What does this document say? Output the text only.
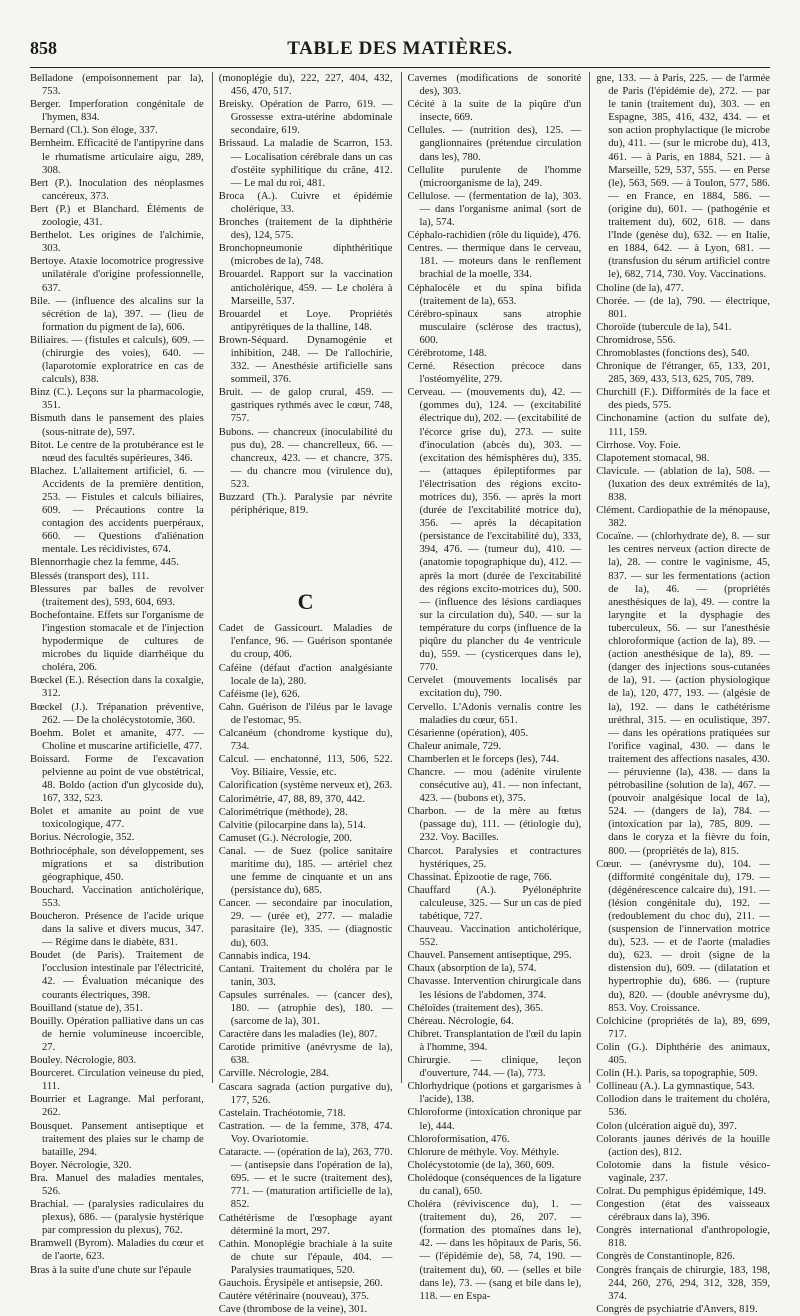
858	TABLE DES MATIÈRES.

Belladone (empoisonnement par la), 753.

Berger. Imperforation congénitale de l'hymen, 834.

Bernard (Cl.). Son éloge, 337.

Bernheim. Efficacité de l'antipyrine dans le rhumatisme articulaire aigu, 289, 308.

Bert (P.). Inoculation des néoplasmes cancéreux, 373.

Bert (P.) et Blanchard. Éléments de zoologie, 431.

Berthelot. Les origines de l'alchimie, 303.

Bertoye. Ataxie locomotrice progressive unilatérale d'origine professionnelle, 637.

Bile. — (influence des alcalins sur la sécrétion de la), 397. — (lieu de formation du pigment de la), 606.

Biliaires. — (fistules et calculs), 609. — (chirurgie des voies), 640. — (laparotomie exploratrice en cas de calculs), 838.

Binz (C.). Leçons sur la pharmacologie, 351.

Bismuth dans le pansement des plaies (sous-nitrate de), 597.

Bitot. Le centre de la protubérance est le nœud des facultés supérieures, 346.

Blachez. L'allaitement artificiel, 6. — Accidents de la première dentition, 253. — Fistules et calculs biliaires, 609. — Précautions contre la contagion des accidents puerpéraux, 660. — Questions d'aliénation mentale. Les récidivistes, 674.

Blennorrhagie chez la femme, 445.

Blessés (transport des), 111.

Blessures par balles de revolver (traitement des), 593, 604, 693.

Bochefontaine. Effets sur l'organisme de l'ingestion stomacale et de l'injection hypodermique de cultures de microbes du liquide diarrhéique du choléra, 206.

Bœckel (E.). Résection dans la coxalgie, 312.

Bœckel (J.). Trépanation préventive, 262. — De la cholécystotomie, 360.

Boehm. Bolet et amanite, 477. — Choline et muscarine artificielle, 477.

Boissard. Forme de l'excavation pelvienne au point de vue obstétrical, 48. Boldo (action d'un glycoside du), 167, 332, 523.

Bolet et amanite au point de vue toxicologique, 477.

Borius. Nécrologie, 352.

Bothriocéphale, son développement, ses migrations et sa distribution géographique, 450.

Bouchard. Vaccination anticholérique, 553.

Boucheron. Présence de l'acide urique dans la salive et divers mucus, 347. — Régime dans le diabète, 831.

Boudet (de Paris). Traitement de l'occlusion intestinale par l'électricité, 42. — Évaluation mécanique des courants électriques, 398.

Bouilland (statue de), 351.

Bouilly. Opération palliative dans un cas de hernie volumineuse incoercible, 27.

Bouley. Nécrologie, 803.

Bourceret. Circulation veineuse du pied, 111.

Bourrier et Lagrange. Mal perforant, 262.

Bousquet. Pansement antiseptique et traitement des plaies sur le champ de bataille, 294.

Boyer. Nécrologie, 320.

Bra. Manuel des maladies mentales, 526.

Brachial. — (paralysies radiculaires du plexus), 686. — (paralysie hystérique par compression du plexus), 762.

Bramwell (Byrom). Maladies du cœur et de l'aorte, 623.

Bras à la suite d'une chute sur l'épaule

(monoplégie du), 222, 227, 404, 432, 456, 470, 517.

Breisky. Opération de Parro, 619. — Grossesse extra-utérine abdominale secondaire, 619.

Brissaud. La maladie de Scarron, 153. — Localisation cérébrale dans un cas d'ostéite syphilitique du crâne, 412. — Le mal du roi, 481.

Broca (A.). Cuivre et épidémie cholérique, 33.

Bronches (traitement de la diphthérie des), 124, 575.

Bronchopneumonie diphthéritique (microbes de la), 748.

Brouardel. Rapport sur la vaccination anticholérique, 459. — Le choléra à Marseille, 537.

Brouardel et Loye. Propriétés antipyrétiques de la thalline, 148.

Brown-Séquard. Dynamogénie et inhibition, 248. — De l'allochirie, 332. — Anesthésie artificielle sans sommeil, 376.

Bruit. — de galop crural, 459. — gastriques rythmés avec le cœur, 748, 757.

Bubons. — chancreux (inoculabilité du pus du), 28. — chancrelleux, 66. — chancreux, 423. — et chancre, 375. — du chancre mou (virulence du), 523.

Buzzard (Th.). Paralysie par névrite périphérique, 819.

C

Cadet de Gassicourt. Maladies de l'enfance, 96. — Guérison spontanée du croup, 406.

Caféine (défaut d'action analgésiante locale de la), 280.

Caféisme (le), 626.

Cahn. Guérison de l'iléus par le lavage de l'estomac, 95.

Calcanéum (chondrome kystique du), 734.

Calcul. — enchatonné, 113, 506, 522. Voy. Biliaire, Vessie, etc.

Calorification (système nerveux et), 263.

Calorimétrie, 47, 88, 89, 370, 442.

Calorimétrique (méthode), 28.

Calvitie (pilocarpine dans la), 514.

Camuset (G.). Nécrologie, 200.

Canal. — de Suez (police sanitaire maritime du), 185. — artériel chez une femme de cinquante et un ans (persistance du), 685.

Cancer. — secondaire par inoculation, 29. — (urée et), 277. — maladie parasitaire (le), 335. — (diagnostic du), 603.

Cannabis indica, 194.

Cantani. Traitement du choléra par le tanin, 303.

Capsules surrénales. — (cancer des), 180. — (atrophie des), 180. — (sarcome de la), 301.

Caractère dans les maladies (le), 807.

Carotide primitive (anévrysme de la), 638.

Carville. Nécrologie, 284.

Cascara sagrada (action purgative du), 177, 526.

Castelain. Trachéotomie, 718.

Castration. — de la femme, 378, 474. Voy. Ovariotomie.

Cataracte. — (opération de la), 263, 770. — (antisepsie dans l'opération de la), 695. — et le sucre (traitement des), 771. — (maturation artificielle de la), 852.

Cathétérisme de l'œsophage ayant déterminé la mort, 297.

Cathin. Monoplégie brachiale à la suite de chute sur l'épaule, 404. — Paralysies traumatiques, 520.

Gauchois. Érysipèle et antisepsie, 260.

Cautère vétérinaire (nouveau), 375.

Cave (thrombose de la veine), 301.

Cavernes (modifications de sonorité des), 303.

Cécité à la suite de la piqûre d'un insecte, 669.

Cellules. — (nutrition des), 125. — ganglionnaires (prétendue circulation dans les), 780.

Cellulite purulente de l'homme (microorganisme de la), 249.

Cellulose. — (fermentation de la), 303. — dans l'organisme animal (sort de la), 574.

Céphalo-rachidien (rôle du liquide), 476.

Centres. — thermique dans le cerveau, 181. — moteurs dans le renflement brachial de la moelle, 334.

Céphalocèle et du spina bifida (traitement de la), 653.

Cérébro-spinaux sans atrophie musculaire (sclérose des tractus), 600.

Cérébrotome, 148.

Cerné. Résection précoce dans l'ostéomyélite, 279.

Cerveau. — (mouvements du), 42. — (gommes du), 124. — (excitabilité électrique du), 202. — (excitabilité de l'écorce grise du), 273. — suite d'inoculation (abcès du), 303. — (excitation des hémisphères du), 335. — (attaques épileptiformes par l'électrisation des régions excito-motrices du), 356. — après la mort (durée de l'excitabilité motrice du), 356. — après la décapitation (persistance de l'excitabilité du), 333, 394, 476. — (tumeur du), 410. — (anatomie topographique du), 412. — après la mort (durée de l'excitabilité des régions excito-motrices du), 500. — (influence des lésions cardiaques sur la circulation du), 540. — sur la température du corps (influence de la piqûre du plancher du 4e ventricule du), 559. — (cysticerques dans le), 770.

Cervelet (mouvements localisés par excitation du), 790.

Cervello. L'Adonis vernalis contre les maladies du cœur, 651.

Césarienne (opération), 405.

Chaleur animale, 729.

Chamberlen et le forceps (les), 744.

Chancre. — mou (adénite virulente consécutive au), 41. — non infectant, 423. — (bubons et), 375.

Charbon. — de la mère au fœtus (passage du), 111. — (étiologie du), 232. Voy. Bacilles.

Charcot. Paralysies et contractures hystériques, 25.

Chassinat. Épizootie de rage, 766.

Chauffard (A.). Pyélonéphrite calculeuse, 325. — Sur un cas de pied tabétique, 727.

Chauveau. Vaccination anticholérique, 552.

Chauvel. Pansement antiseptique, 295.

Chaux (absorption de la), 574.

Chavasse. Intervention chirurgicale dans les lésions de l'abdomen, 374.

Chéloïdes (traitement des), 365.

Chéreau. Nécrologie, 64.

Chibret. Transplantation de l'œil du lapin à l'homme, 394.

Chirurgie. — clinique, leçon d'ouverture, 744. — (la), 773.

Chlorhydrique (potions et gargarismes à l'acide), 138.

Chloroforme (intoxication chronique par le), 444.

Chloroformisation, 476.

Chlorure de méthyle. Voy. Méthyle.

Cholécystotomie (de la), 360, 609.

Cholédoque (conséquences de la ligature du canal), 650.

Choléra (réviviscence du), 1. — (traitement du), 26, 207. — (formation des ptomaïnes dans le), 42. — dans les hôpitaux de Paris, 56. — (l'épidémie de), 58, 74, 190. — (traitement du), 60. — (selles et bile dans le), 73. — (sang et bile dans le), 118. — en Espa-

gne, 133. — à Paris, 225. — de l'armée de Paris (l'épidémie de), 272. — par le tanin (traitement du), 303. — en Espagne, 385, 416, 432, 434. — et son action prophylactique (le microbe du), 411. — (sur le microbe du), 413, 461. — à Paris, en 1884, 521. — à Marseille, 529, 537, 555. — en Perse (le), 563, 569. — à Toulon, 577, 586. — en France, en 1884, 586. — (origine du), 601. — (pathogénie et traitement du), 602, 618. — dans l'Inde (genèse du), 632. — en Italie, en 1884, 642. — à Lyon, 681. — (transfusion du sérum artificiel contre le), 682, 714, 730. Voy. Vaccinations.

Choline (de la), 477.

Chorée. — (de la), 790. — électrique, 801.

Choroïde (tubercule de la), 541.

Chromidrose, 556.

Chromoblastes (fonctions des), 540.

Chronique de l'étranger, 65, 133, 201, 285, 369, 433, 513, 625, 705, 789.

Churchill (F.). Difformités de la face et des pieds, 575.

Cinchonamine (action du sulfate de), 111, 159.

Cirrhose. Voy. Foie.

Clapotement stomacal, 98.

Clavicule. — (ablation de la), 508. — (luxation des deux extrémités de la), 838.

Clément. Cardiopathie de la ménopause, 382.

Cocaïne. — (chlorhydrate de), 8. — sur les centres nerveux (action directe de la), 28. — contre le vaginisme, 45, 837. — sur les fermentations (action de la), 46. — (propriétés anesthésiques de la), 49. — contre la laryngite et la dysphagie des tuberculeux, 56. — sur l'anesthésie chloroformique (action de la), 89. — (action anesthésique de la), 89. — (danger des injections sous-cutanées de la), 91. — (action physiologique de la), 120, 477, 193. — (algésie de la), 192. — dans le cathétérisme uréthral, 315. — en oculistique, 397. — dans les opérations pratiquées sur l'orifice vaginal, 430. — dans le traitement des affections nasales, 430. — péruvienne (la), 438. — dans la pétrobasiline (solution de la), 467. — (pouvoir analgésique local de la), 524. — (dangers de la), 784. — (intoxication par la), 785, 809. — dans le coryza et la fièvre du foin, 800. — (propriétés de la), 815.

Cœur. — (anévrysme du), 104. — (difformité congénitale du), 179. — (dégénérescence calcaire du), 191. — (lésion congénitale du), 192. — (redoublement du choc du), 211. — (suspension de l'innervation motrice du), 523. — et de l'aorte (maladies du), 623. — droit (signe de la distension du), 609. — (dilatation et hypertrophie du), 686. — (rupture du), 820. — (double anévrysme du), 853. Voy. Croissance.

Colchicine (propriétés de la), 89, 699, 717.

Colin (G.). Diphthérie des animaux, 405.

Colin (H.). Paris, sa topographie, 509.

Collineau (A.). La gymnastique, 543.

Collodion dans le traitement du choléra, 536.

Colon (ulcération aiguë du), 397.

Colorants jaunes dérivés de la houille (action des), 812.

Colotomie dans la fistule vésico-vaginale, 237.

Colrat. Du pemphigus épidémique, 149.

Congestion (état des vaisseaux cérébraux dans la), 396.

Congrès international d'anthropologie, 818.

Congrès de Constantinople, 826.

Congrès français de chirurgie, 183, 198, 244, 260, 276, 294, 312, 328, 359, 374.

Congrès de psychiatrie d'Anvers, 819.
